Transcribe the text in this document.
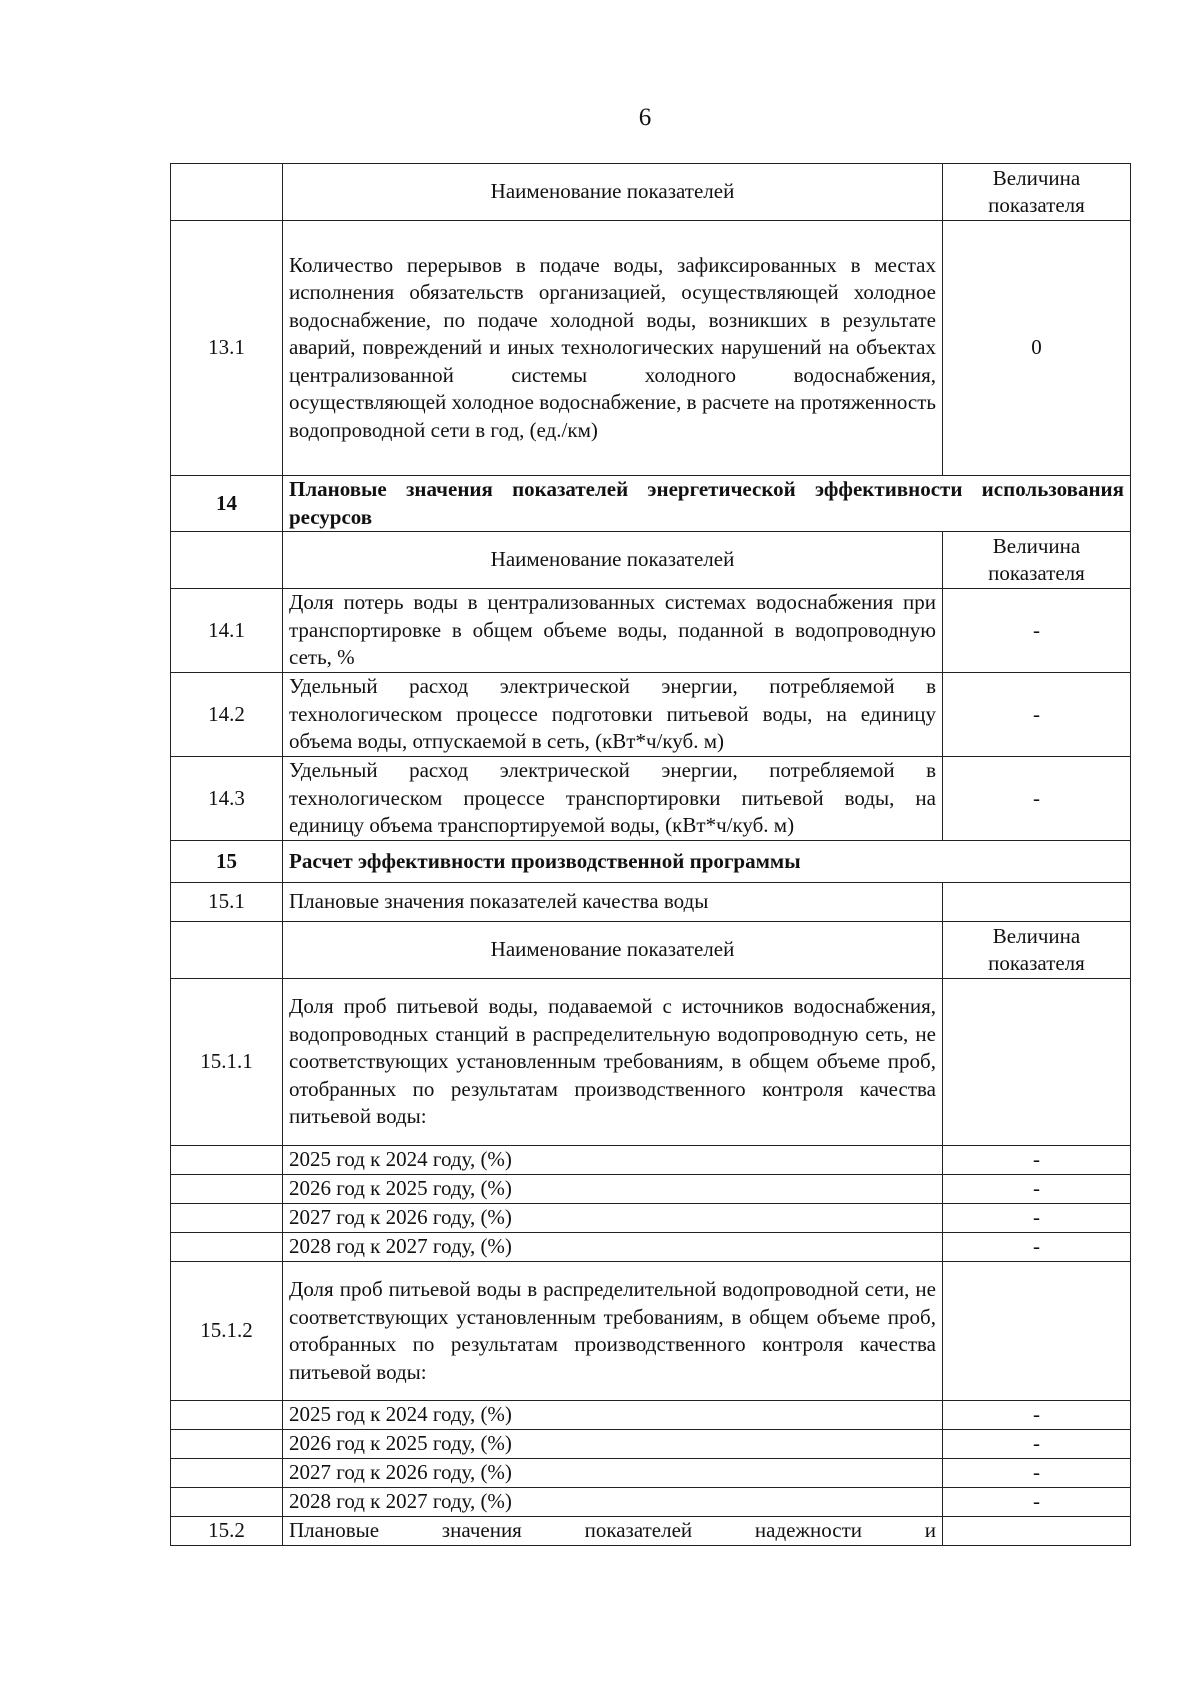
6
	Наименование показателей	Величина показателя
13.1	Количество перерывов в подаче воды, зафиксированных в местах исполнения обязательств организацией, осуществляющей холодное водоснабжение, по подаче холодной воды, возникших в результате аварий, повреждений и иных технологических нарушений на объектах централизованной системы холодного водоснабжения, осуществляющей холодное водоснабжение, в расчете на протяженность водопроводной сети в год, (ед./км)	0
14	Плановые значения показателей энергетической эффективности использования ресурсов	
	Наименование показателей	Величина показателя
14.1	Доля потерь воды в централизованных системах водоснабжения при транспортировке в общем объеме воды, поданной в водопроводную сеть, %	-
14.2	Удельный расход электрической энергии, потребляемой в технологическом процессе подготовки питьевой воды, на единицу объема воды, отпускаемой в сеть, (кВт*ч/куб. м)	-
14.3	Удельный расход электрической энергии, потребляемой в технологическом процессе транспортировки питьевой воды, на единицу объема транспортируемой воды, (кВт*ч/куб. м)	-
15	Расчет эффективности производственной программы	
15.1	Плановые значения показателей качества воды	
	Наименование показателей	Величина показателя
15.1.1	Доля проб питьевой воды, подаваемой с источников водоснабжения, водопроводных станций в распределительную водопроводную сеть, не соответствующих установленным требованиям, в общем объеме проб, отобранных по результатам производственного контроля качества питьевой воды:	
	2025 год к 2024 году, (%)	-
	2026 год к 2025 году, (%)	-
	2027 год к 2026 году, (%)	-
	2028 год к 2027 году, (%)	-
15.1.2	Доля проб питьевой воды в распределительной водопроводной сети, не соответствующих установленным требованиям, в общем объеме проб, отобранных по результатам производственного контроля качества питьевой воды:	
	2025 год к 2024 году, (%)	-
	2026 год к 2025 году, (%)	-
	2027 год к 2026 году, (%)	-
	2028 год к 2027 году, (%)	-
15.2	Плановые значения показателей надежности и	
